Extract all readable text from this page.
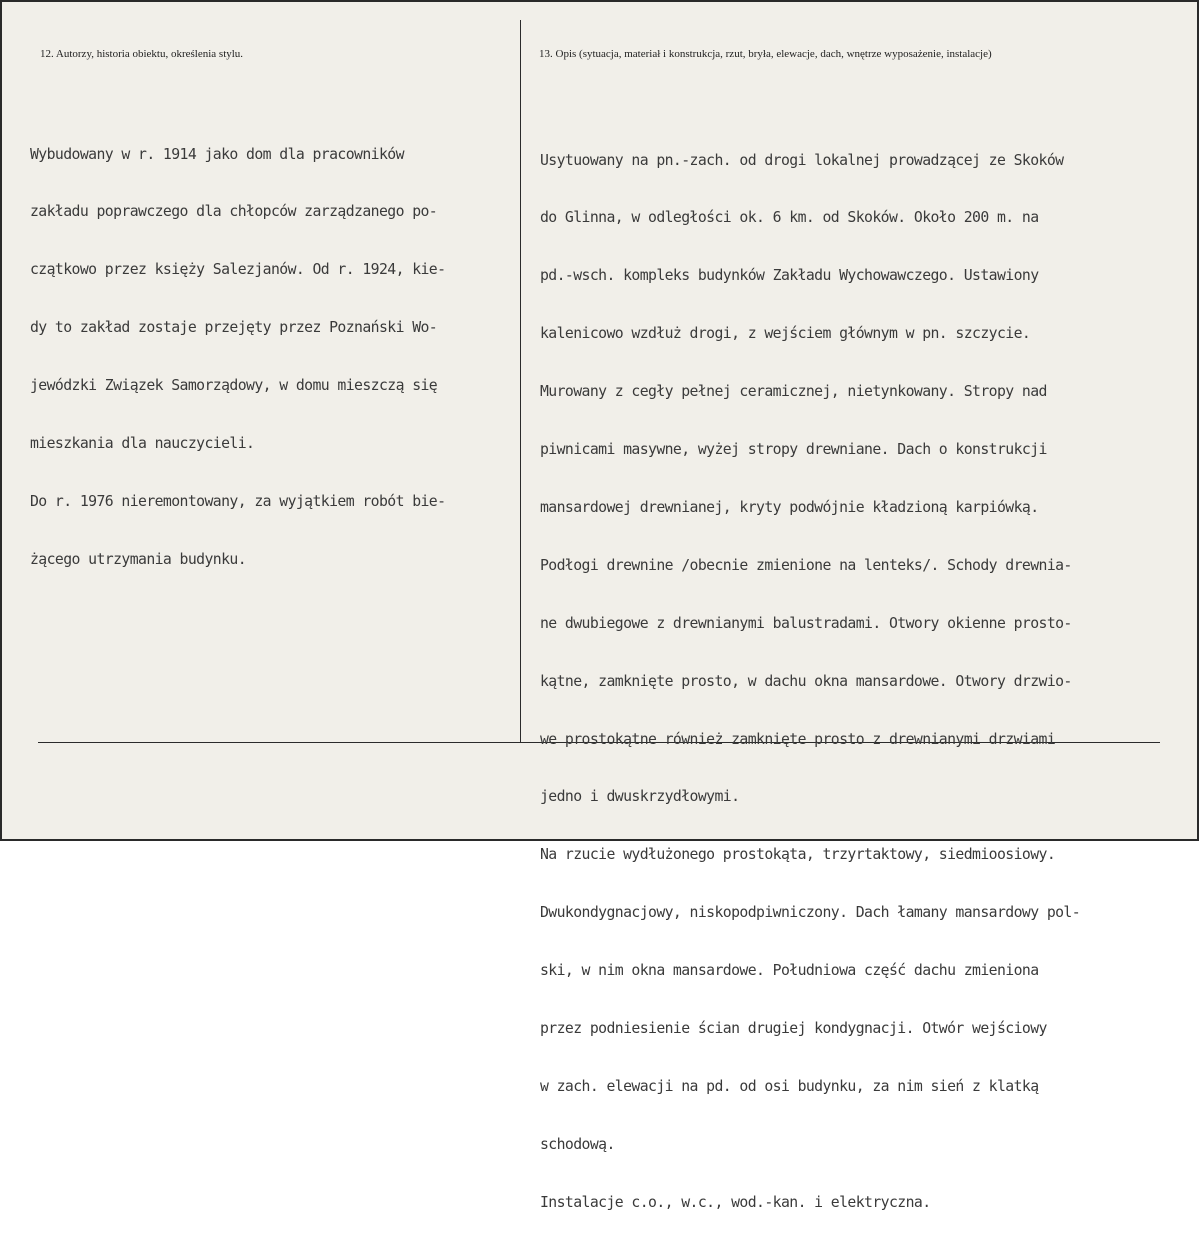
12. Autorzy, historia obiektu, określenia stylu.	13. Opis (sytuacja, materiał i konstrukcja, rzut, bryła, elewacje, dach, wnętrze wyposażenie, instalacje)

Wybudowany w r. 1914 jako dom dla pracowników

zakładu poprawczego dla chłopców zarządzanego po-

czątkowo przez księży Salezjanów. Od r. 1924, kie-

dy to zakład zostaje przejęty przez Poznański Wo-

jewódzki Związek Samorządowy, w domu mieszczą się

mieszkania dla nauczycieli.

Do r. 1976 nieremontowany, za wyjątkiem robót bie-

żącego utrzymania budynku.

Usytuowany na pn.-zach. od drogi lokalnej prowadzącej ze Skoków

do Glinna, w odległości ok. 6 km. od Skoków. Około 200 m. na

pd.-wsch. kompleks budynków Zakładu Wychowawczego. Ustawiony

kalenicowo wzdłuż drogi, z wejściem głównym w pn. szczycie.

Murowany z cegły pełnej ceramicznej, nietynkowany. Stropy nad

piwnicami masywne, wyżej stropy drewniane. Dach o konstrukcji

mansardowej drewnianej, kryty podwójnie kładzioną karpiówką.

Podłogi drewnine /obecnie zmienione na lenteks/. Schody drewnia-

ne dwubiegowe z drewnianymi balustradami. Otwory okienne prosto-

kątne, zamknięte prosto, w dachu okna mansardowe. Otwory drzwio-

we prostokątne również zamknięte prosto z drewnianymi drzwiami

jedno i dwuskrzydłowymi.

Na rzucie wydłużonego prostokąta, trzyrtaktowy, siedmioosiowy.

Dwukondygnacjowy, niskopodpiwniczony. Dach łamany mansardowy pol-

ski, w nim okna mansardowe. Południowa część dachu zmieniona

przez podniesienie ścian drugiej kondygnacji. Otwór wejściowy

w zach. elewacji na pd. od osi budynku, za nim sień z klatką

schodową.

Instalacje c.o., w.c., wod.-kan. i elektryczna.
